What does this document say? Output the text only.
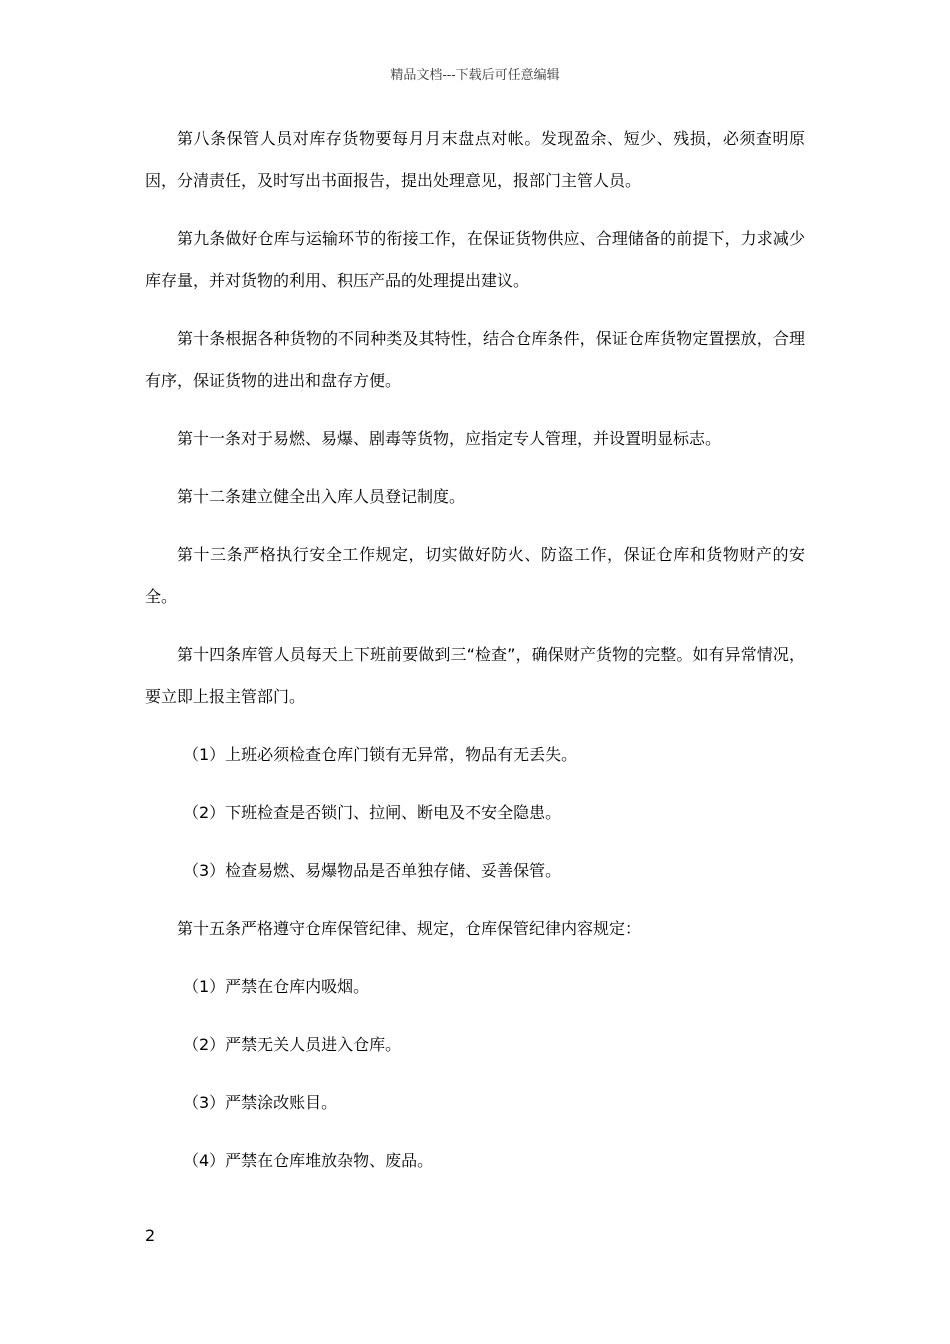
精品文档---下载后可任意编辑

第八条保管人员对库存货物要每月月末盘点对帐。发现盈余、短少、残损，必须查明原因，分清责任，及时写出书面报告，提出处理意见，报部门主管人员。

第九条做好仓库与运输环节的衔接工作，在保证货物供应、合理储备的前提下，力求减少库存量，并对货物的利用、积压产品的处理提出建议。

第十条根据各种货物的不同种类及其特性，结合仓库条件，保证仓库货物定置摆放，合理有序，保证货物的进出和盘存方便。

第十一条对于易燃、易爆、剧毒等货物，应指定专人管理，并设置明显标志。

第十二条建立健全出入库人员登记制度。

第十三条严格执行安全工作规定，切实做好防火、防盗工作，保证仓库和货物财产的安全。

第十四条库管人员每天上下班前要做到三“检查”，确保财产货物的完整。如有异常情况，要立即上报主管部门。

（1）上班必须检查仓库门锁有无异常，物品有无丢失。

（2）下班检查是否锁门、拉闸、断电及不安全隐患。

（3）检查易燃、易爆物品是否单独存储、妥善保管。

第十五条严格遵守仓库保管纪律、规定，仓库保管纪律内容规定：

（1）严禁在仓库内吸烟。

（2）严禁无关人员进入仓库。

（3）严禁涂改账目。

（4）严禁在仓库堆放杂物、废品。

2
